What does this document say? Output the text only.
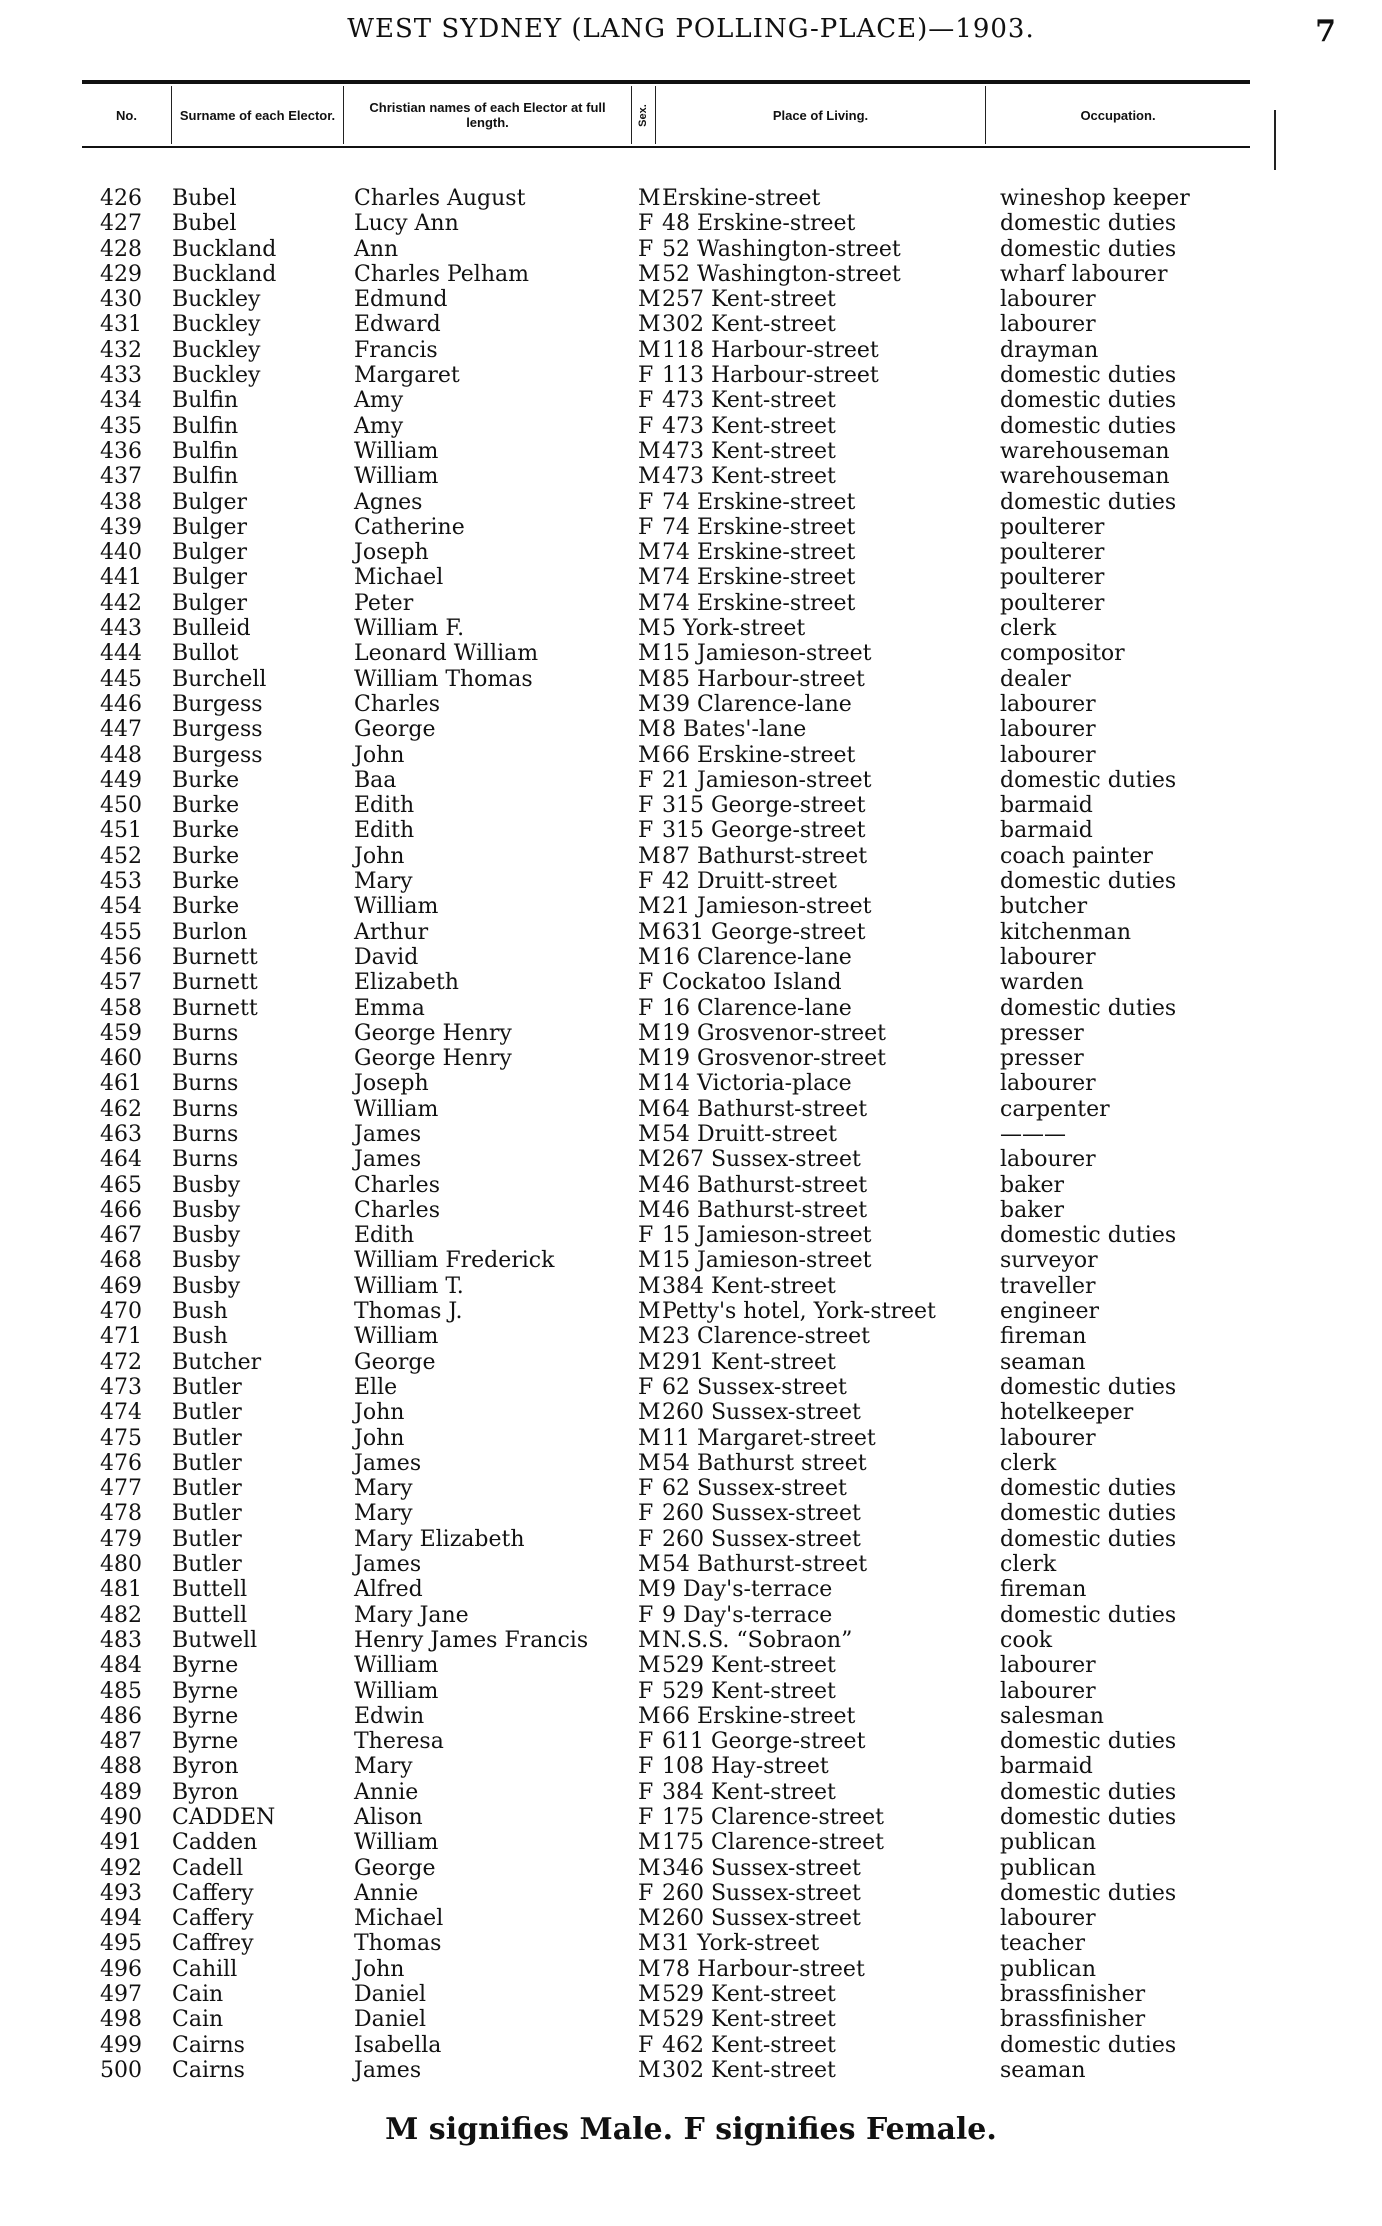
WEST SYDNEY (LANG POLLING-PLACE)—1903.	7
No.	Surname of each Elector.	Christian names of each Elector at full length.	Sex.	Place of Living.	Occupation.
426	Bubel	Charles August	M Erskine-street	wineshop keeper
427	Bubel	Lucy Ann	F 48 Erskine-street	domestic duties
428	Buckland	Ann	F 52 Washington-street	domestic duties
429	Buckland	Charles Pelham	M 52 Washington-street	wharf labourer
430	Buckley	Edmund	M 257 Kent-street	labourer
431	Buckley	Edward	M 302 Kent-street	labourer
432	Buckley	Francis	M 118 Harbour-street	drayman
433	Buckley	Margaret	F 113 Harbour-street	domestic duties
434	Bulfin	Amy	F 473 Kent-street	domestic duties
435	Bulfin	Amy	F 473 Kent-street	domestic duties
436	Bulfin	William	M 473 Kent-street	warehouseman
437	Bulfin	William	M 473 Kent-street	warehouseman
438	Bulger	Agnes	F 74 Erskine-street	domestic duties
439	Bulger	Catherine	F 74 Erskine-street	poulterer
440	Bulger	Joseph	M 74 Erskine-street	poulterer
441	Bulger	Michael	M 74 Erskine-street	poulterer
442	Bulger	Peter	M 74 Erskine-street	poulterer
443	Bulleid	William F.	M 5 York-street	clerk
444	Bullot	Leonard William	M 15 Jamieson-street	compositor
445	Burchell	William Thomas	M 85 Harbour-street	dealer
446	Burgess	Charles	M 39 Clarence-lane	labourer
447	Burgess	George	M 8 Bates'-lane	labourer
448	Burgess	John	M 66 Erskine-street	labourer
449	Burke	Baa	F 21 Jamieson-street	domestic duties
450	Burke	Edith	F 315 George-street	barmaid
451	Burke	Edith	F 315 George-street	barmaid
452	Burke	John	M 87 Bathurst-street	coach painter
453	Burke	Mary	F 42 Druitt-street	domestic duties
454	Burke	William	M 21 Jamieson-street	butcher
455	Burlon	Arthur	M 631 George-street	kitchenman
456	Burnett	David	M 16 Clarence-lane	labourer
457	Burnett	Elizabeth	F Cockatoo Island	warden
458	Burnett	Emma	F 16 Clarence-lane	domestic duties
459	Burns	George Henry	M 19 Grosvenor-street	presser
460	Burns	George Henry	M 19 Grosvenor-street	presser
461	Burns	Joseph	M 14 Victoria-place	labourer
462	Burns	William	M 64 Bathurst-street	carpenter
463	Burns	James	M 54 Druitt-street	———
464	Burns	James	M 267 Sussex-street	labourer
465	Busby	Charles	M 46 Bathurst-street	baker
466	Busby	Charles	M 46 Bathurst-street	baker
467	Busby	Edith	F 15 Jamieson-street	domestic duties
468	Busby	William Frederick	M 15 Jamieson-street	surveyor
469	Busby	William T.	M 384 Kent-street	traveller
470	Bush	Thomas J.	M Petty's hotel, York-street	engineer
471	Bush	William	M 23 Clarence-street	fireman
472	Butcher	George	M 291 Kent-street	seaman
473	Butler	Elle	F 62 Sussex-street	domestic duties
474	Butler	John	M 260 Sussex-street	hotelkeeper
475	Butler	John	M 11 Margaret-street	labourer
476	Butler	James	M 54 Bathurst street	clerk
477	Butler	Mary	F 62 Sussex-street	domestic duties
478	Butler	Mary	F 260 Sussex-street	domestic duties
479	Butler	Mary Elizabeth	F 260 Sussex-street	domestic duties
480	Butler	James	M 54 Bathurst-street	clerk
481	Buttell	Alfred	M 9 Day's-terrace	fireman
482	Buttell	Mary Jane	F 9 Day's-terrace	domestic duties
483	Butwell	Henry James Francis	M N.S.S. “Sobraon”	cook
484	Byrne	William	M 529 Kent-street	labourer
485	Byrne	William	F 529 Kent-street	labourer
486	Byrne	Edwin	M 66 Erskine-street	salesman
487	Byrne	Theresa	F 611 George-street	domestic duties
488	Byron	Mary	F 108 Hay-street	barmaid
489	Byron	Annie	F 384 Kent-street	domestic duties
490	CADDEN	Alison	F 175 Clarence-street	domestic duties
491	Cadden	William	M 175 Clarence-street	publican
492	Cadell	George	M 346 Sussex-street	publican
493	Caffery	Annie	F 260 Sussex-street	domestic duties
494	Caffery	Michael	M 260 Sussex-street	labourer
495	Caffrey	Thomas	M 31 York-street	teacher
496	Cahill	John	M 78 Harbour-street	publican
497	Cain	Daniel	M 529 Kent-street	brassfinisher
498	Cain	Daniel	M 529 Kent-street	brassfinisher
499	Cairns	Isabella	F 462 Kent-street	domestic duties
500	Cairns	James	M 302 Kent-street	seaman
M signifies Male. F signifies Female.
